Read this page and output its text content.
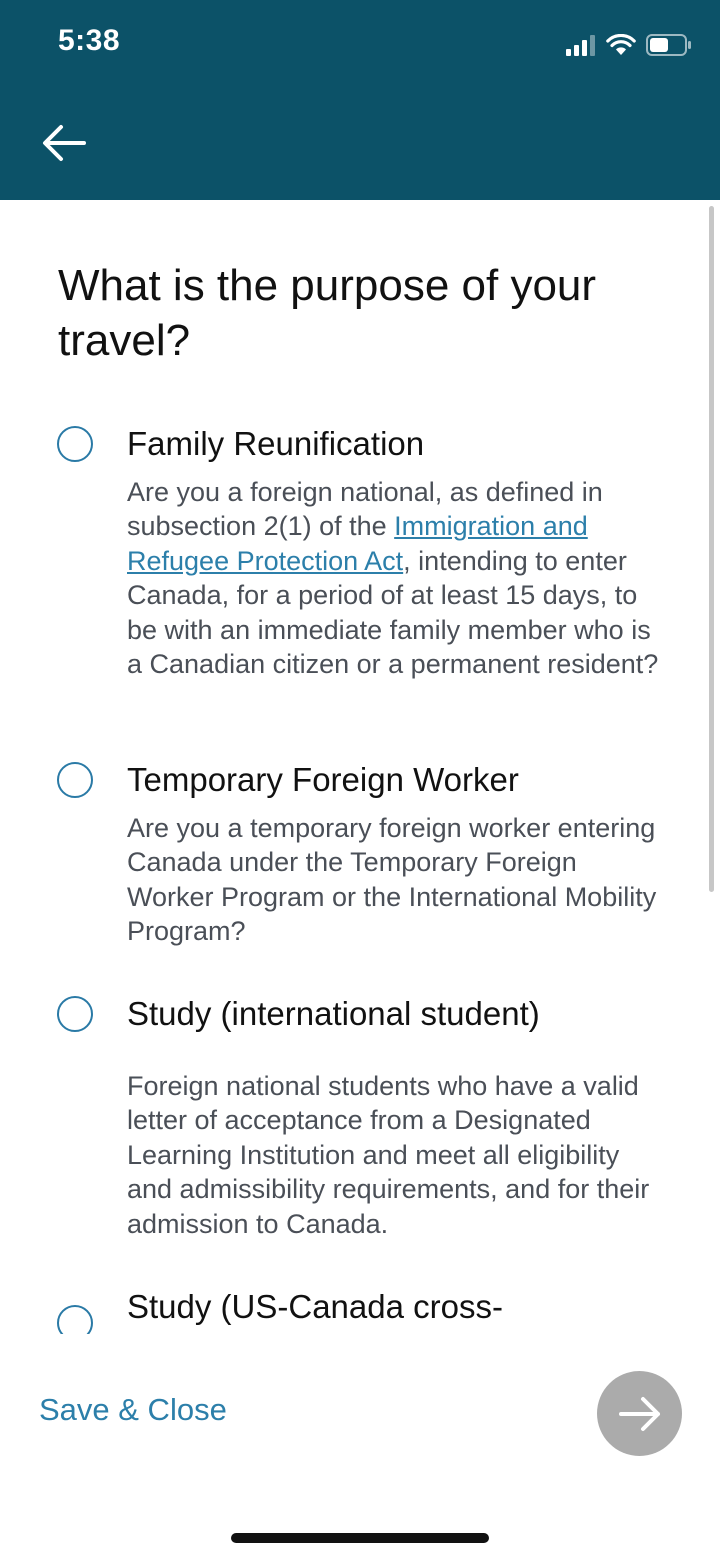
5:38
What is the purpose of your travel?
Family Reunification
Are you a foreign national, as defined in subsection 2(1) of the Immigration and Refugee Protection Act, intending to enter Canada, for a period of at least 15 days, to be with an immediate family member who is a Canadian citizen or a permanent resident?
Temporary Foreign Worker
Are you a temporary foreign worker entering Canada under the Temporary Foreign Worker Program or the International Mobility Program?
Study (international student)
Foreign national students who have a valid letter of acceptance from a Designated Learning Institution and meet all eligibility and admissibility requirements, and for their admission to Canada.
Study (US-Canada cross-
Save & Close
